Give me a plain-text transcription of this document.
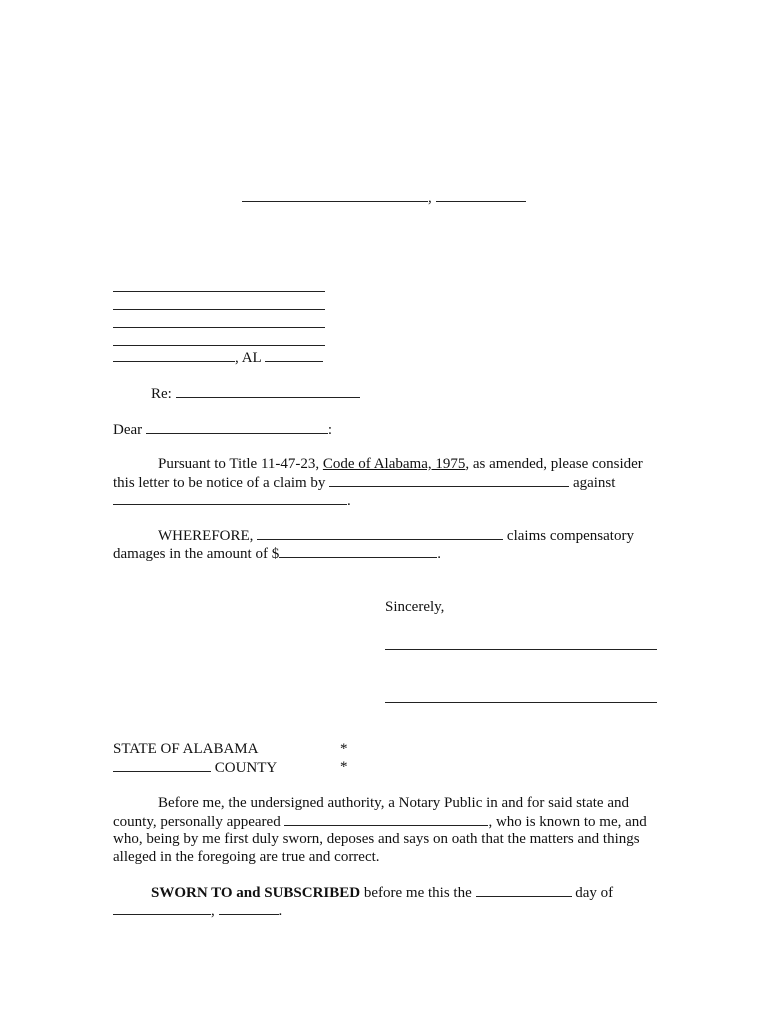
,
, AL
Re:
Dear	:
Pursuant to Title 11-47-23, Code of Alabama, 1975, as amended, please consider
this letter to be notice of a claim by	against
.
WHEREFORE,	claims compensatory
damages in the amount of $	.
Sincerely,
STATE OF ALABAMA	*
COUNTY	*
Before me, the undersigned authority, a Notary Public in and for said state and
county, personally appeared	, who is known to me, and
who, being by me first duly sworn, deposes and says on oath that the matters and things
alleged in the foregoing are true and correct.
SWORN TO and SUBSCRIBED before me this the	day of
,	.
